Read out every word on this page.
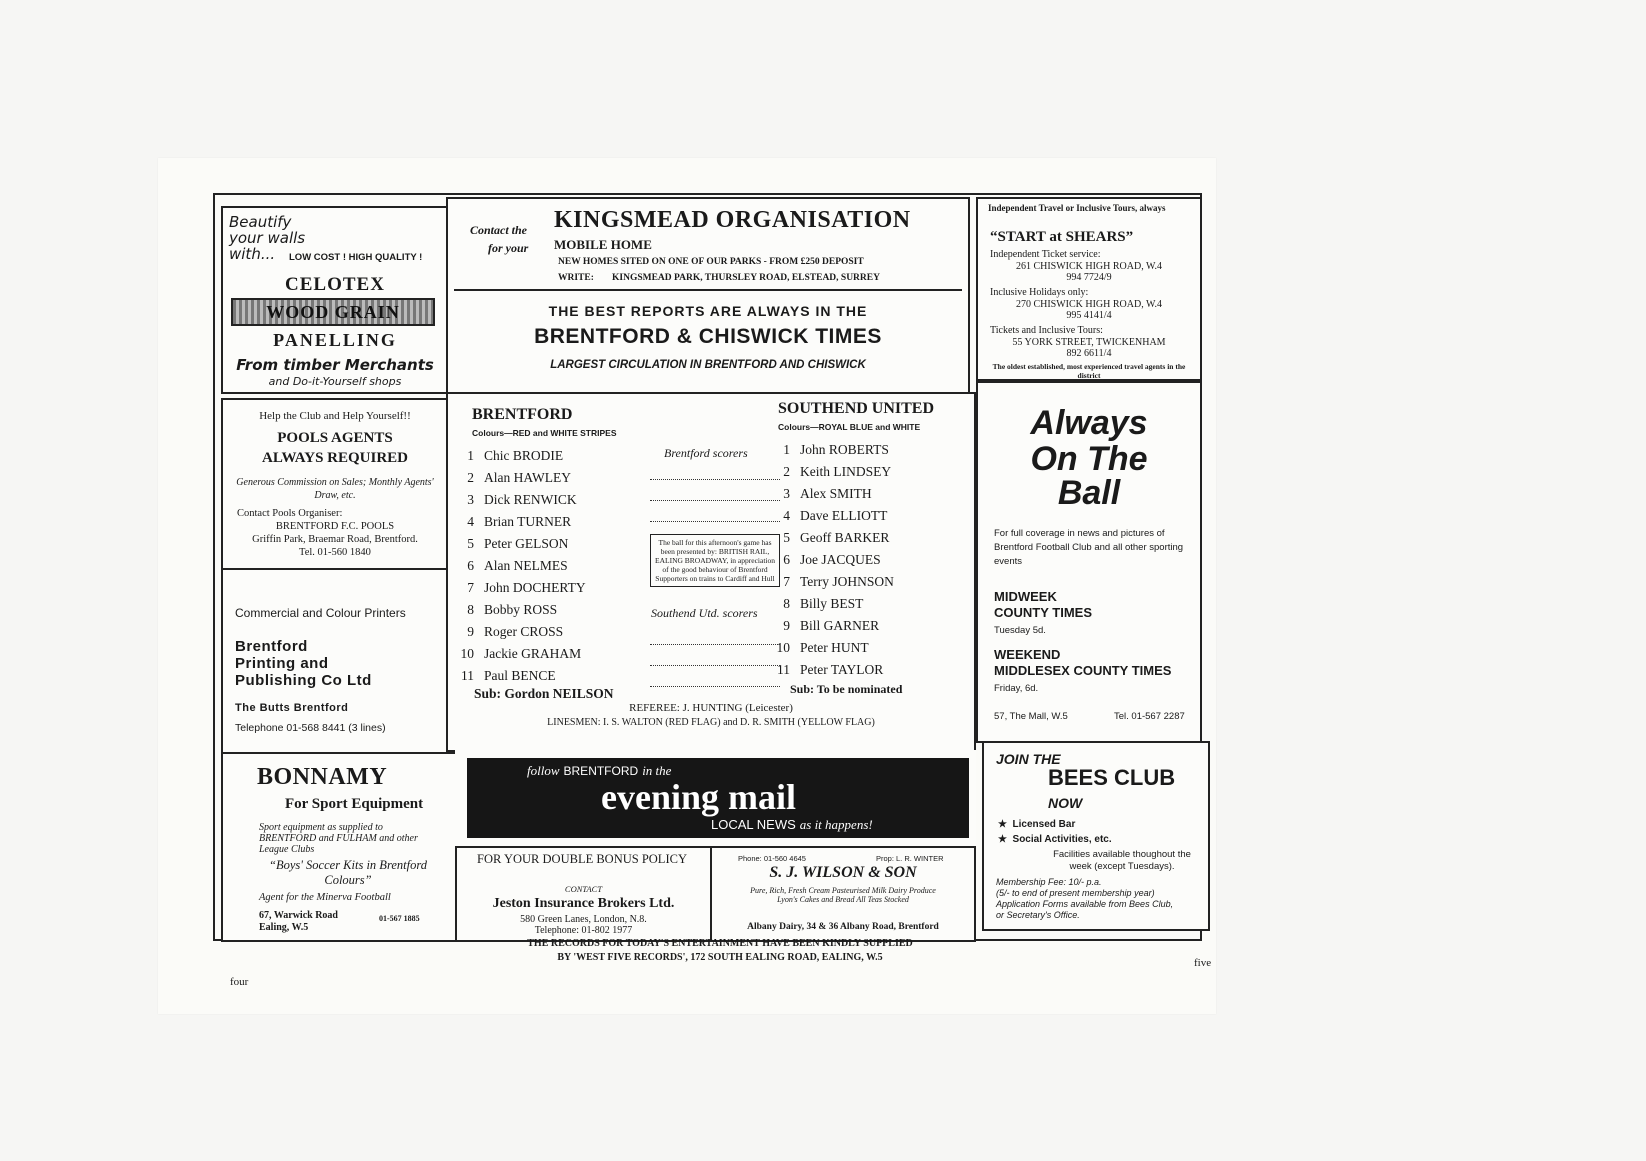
Beautify your walls with...	LOW COST ! HIGH QUALITY !
CELOTEX
WOOD GRAIN
PANELLING
From timber Merchants
and Do-it-Yourself shops
Contact the
for your
KINGSMEAD ORGANISATION
MOBILE HOME
NEW HOMES SITED ON ONE OF OUR PARKS - FROM £250 DEPOSIT
WRITE: KINGSMEAD PARK, THURSLEY ROAD, ELSTEAD, SURREY
THE BEST REPORTS ARE ALWAYS IN THE
BRENTFORD & CHISWICK TIMES
LARGEST CIRCULATION IN BRENTFORD AND CHISWICK
Independent Travel or Inclusive Tours, always
“START at SHEARS”
Independent Ticket service:
261 CHISWICK HIGH ROAD, W.4
994 7724/9
Inclusive Holidays only:
270 CHISWICK HIGH ROAD, W.4
995 4141/4
Tickets and Inclusive Tours:
55 YORK STREET, TWICKENHAM
892 6611/4
The oldest established, most experienced travel agents in the district
Help the Club and Help Yourself!!
POOLS AGENTS
ALWAYS REQUIRED
Generous Commission on Sales; Monthly Agents' Draw, etc.
Contact Pools Organiser:
BRENTFORD F.C. POOLS
Griffin Park, Braemar Road, Brentford.
Tel. 01-560 1840
Commercial and Colour Printers
Brentford
Printing and
Publishing Co Ltd
The Butts Brentford
Telephone 01-568 8441 (3 lines)
BRENTFORD
Colours—RED and WHITE STRIPES
SOUTHEND UNITED
Colours—ROYAL BLUE and WHITE
1 Chic BRODIE
2 Alan HAWLEY
3 Dick RENWICK
4 Brian TURNER
5 Peter GELSON
6 Alan NELMES
7 John DOCHERTY
8 Bobby ROSS
9 Roger CROSS
10 Jackie GRAHAM
11 Paul BENCE
1 John ROBERTS
2 Keith LINDSEY
3 Alex SMITH
4 Dave ELLIOTT
5 Geoff BARKER
6 Joe JACQUES
7 Terry JOHNSON
8 Billy BEST
9 Bill GARNER
10 Peter HUNT
11 Peter TAYLOR
Sub: Gordon NEILSON	Sub: To be nominated
Brentford scorers
The ball for this afternoon's game has been presented by: BRITISH RAIL, EALING BROADWAY, in appreciation of the good behaviour of Brentford Supporters on trains to Cardiff and Hull
Southend Utd. scorers
REFEREE: J. HUNTING (Leicester)
LINESMEN: I. S. WALTON (RED FLAG) and D. R. SMITH (YELLOW FLAG)
Always
On The
Ball
For full coverage in news and pictures of Brentford Football Club and all other sporting events
MIDWEEK
COUNTY TIMES
Tuesday 5d.
WEEKEND
MIDDLESEX COUNTY TIMES
Friday, 6d.
57, The Mall, W.5	Tel. 01-567 2287
BONNAMY
For Sport Equipment
Sport equipment as supplied to BRENTFORD and FULHAM and other League Clubs
“Boys' Soccer Kits in Brentford Colours”
Agent for the Minerva Football
67, Warwick Road
Ealing, W.5
01-567 1885
follow BRENTFORD in the
evening mail
LOCAL NEWS as it happens!
FOR YOUR DOUBLE BONUS POLICY
CONTACT
Jeston Insurance Brokers Ltd.
580 Green Lanes, London, N.8.
Telephone: 01-802 1977
Phone: 01-560 4645	Prop: L. R. WINTER
S. J. WILSON & SON
Pure, Rich, Fresh Cream Pasteurised Milk Dairy Produce Lyon's Cakes and Bread All Teas Stocked
Albany Dairy, 34 & 36 Albany Road, Brentford
JOIN THE
BEES CLUB
NOW
★ Licensed Bar
★ Social Activities, etc.
Facilities available thoughout the week (except Tuesdays).
Membership Fee: 10/- p.a.
(5/- to end of present membership year)
Application Forms available from Bees Club, or Secretary's Office.
THE RECORDS FOR TODAY'S ENTERTAINMENT HAVE BEEN KINDLY SUPPLIED
BY 'WEST FIVE RECORDS', 172 SOUTH EALING ROAD, EALING, W.5
four
five
